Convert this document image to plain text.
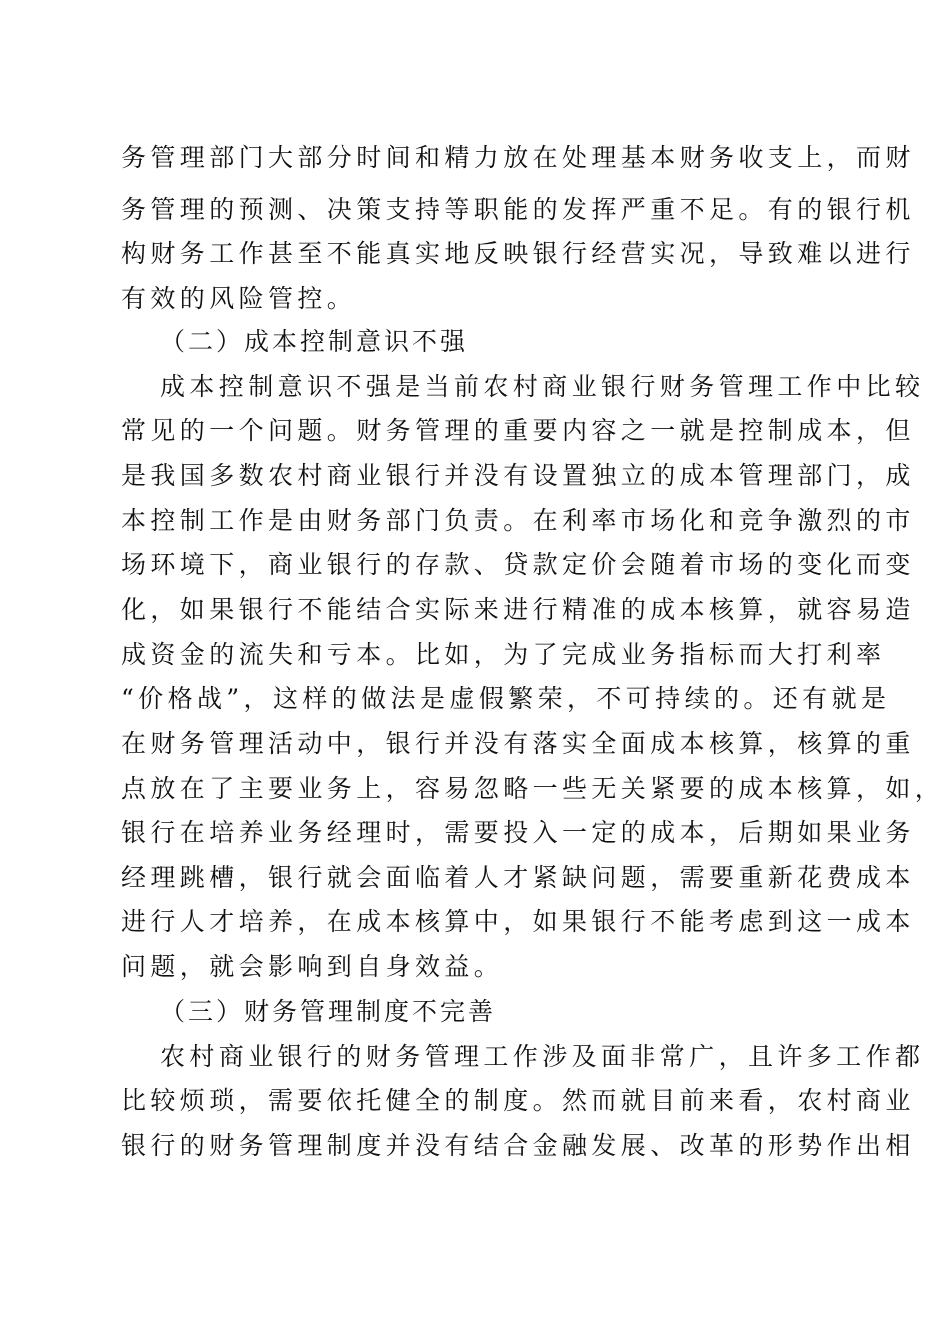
务管理部门大部分时间和精力放在处理基本财务收支上，而财
务管理的预测、决策支持等职能的发挥严重不足。有的银行机
构财务工作甚至不能真实地反映银行经营实况，导致难以进行
有效的风险管控。
（二）成本控制意识不强
成本控制意识不强是当前农村商业银行财务管理工作中比较
常见的一个问题。财务管理的重要内容之一就是控制成本，但
是我国多数农村商业银行并没有设置独立的成本管理部门，成
本控制工作是由财务部门负责。在利率市场化和竞争激烈的市
场环境下，商业银行的存款、贷款定价会随着市场的变化而变
化，如果银行不能结合实际来进行精准的成本核算，就容易造
成资金的流失和亏本。比如，为了完成业务指标而大打利率
“价格战”，这样的做法是虚假繁荣，不可持续的。还有就是
在财务管理活动中，银行并没有落实全面成本核算，核算的重
点放在了主要业务上，容易忽略一些无关紧要的成本核算，如，
银行在培养业务经理时，需要投入一定的成本，后期如果业务
经理跳槽，银行就会面临着人才紧缺问题，需要重新花费成本
进行人才培养，在成本核算中，如果银行不能考虑到这一成本
问题，就会影响到自身效益。
（三）财务管理制度不完善
农村商业银行的财务管理工作涉及面非常广，且许多工作都
比较烦琐，需要依托健全的制度。然而就目前来看，农村商业
银行的财务管理制度并没有结合金融发展、改革的形势作出相
